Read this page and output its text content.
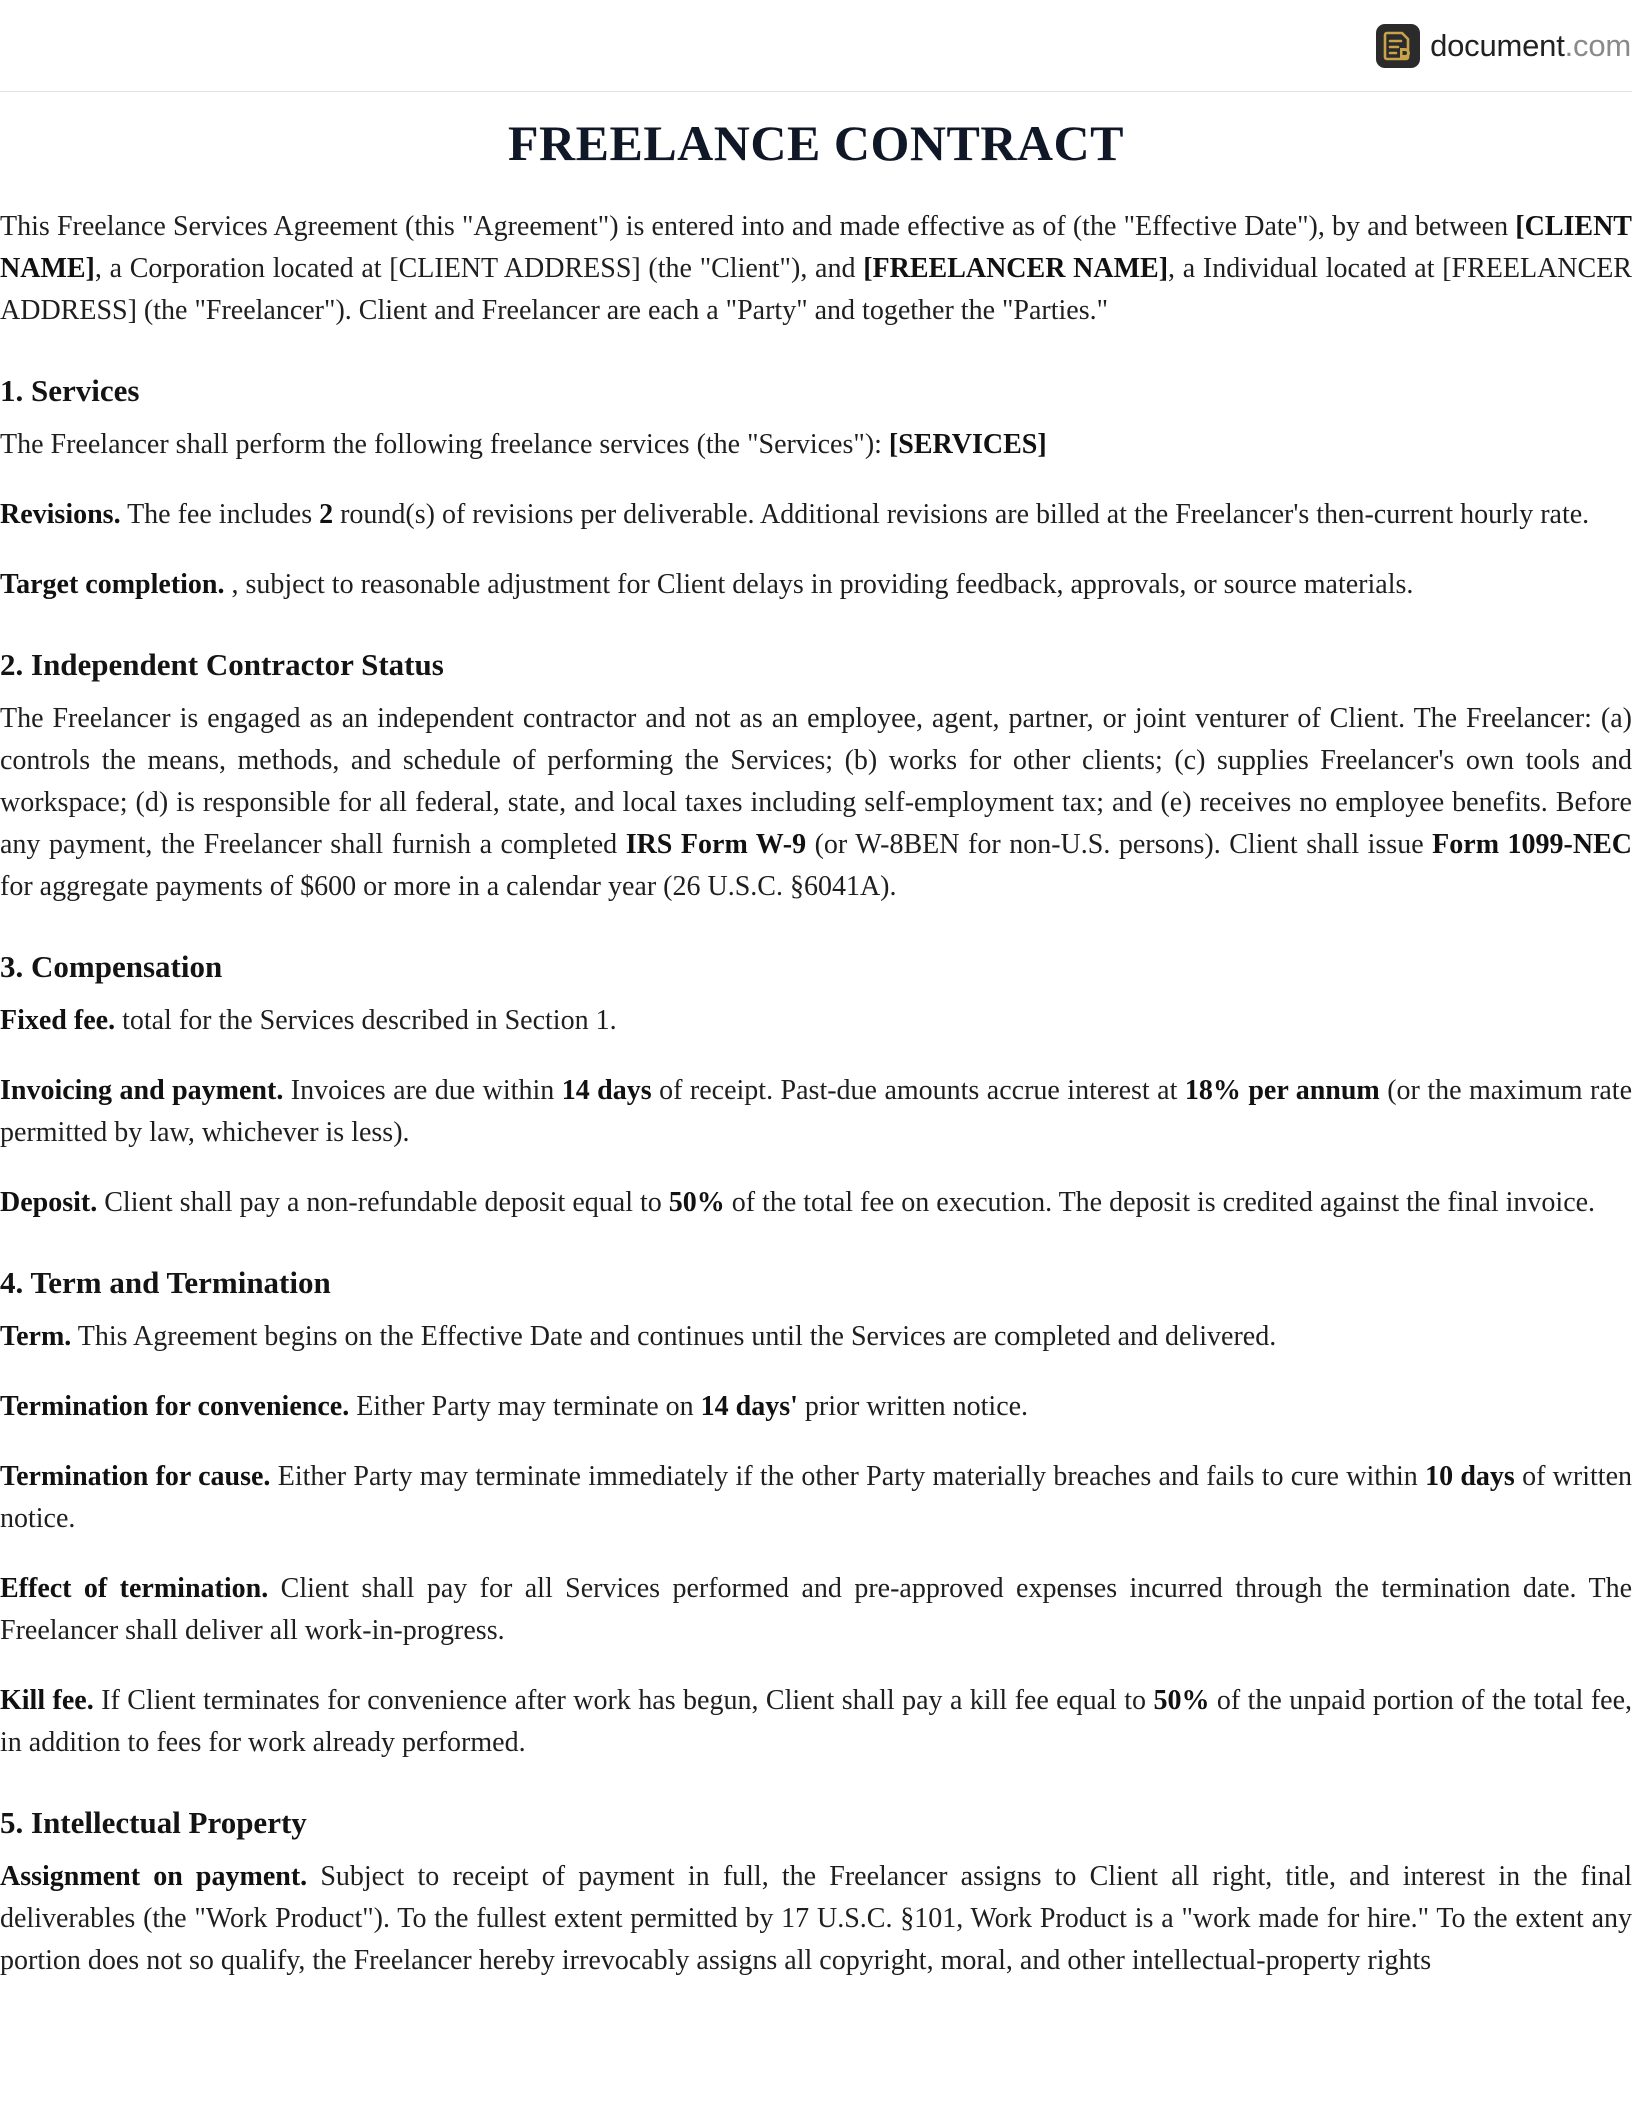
document.com
FREELANCE CONTRACT

This Freelance Services Agreement (this "Agreement") is entered into and made effective as of (the "Effective Date"), by and between [CLIENT NAME], a Corporation located at [CLIENT ADDRESS] (the "Client"), and [FREELANCER NAME], a Individual located at [FREELANCER ADDRESS] (the "Freelancer"). Client and Freelancer are each a "Party" and together the "Parties."

1. Services

The Freelancer shall perform the following freelance services (the "Services"): [SERVICES]

Revisions. The fee includes 2 round(s) of revisions per deliverable. Additional revisions are billed at the Freelancer's then-current hourly rate.

Target completion. , subject to reasonable adjustment for Client delays in providing feedback, approvals, or source materials.

2. Independent Contractor Status

The Freelancer is engaged as an independent contractor and not as an employee, agent, partner, or joint venturer of Client. The Freelancer: (a) controls the means, methods, and schedule of performing the Services; (b) works for other clients; (c) supplies Freelancer's own tools and workspace; (d) is responsible for all federal, state, and local taxes including self-employment tax; and (e) receives no employee benefits. Before any payment, the Freelancer shall furnish a completed IRS Form W-9 (or W-8BEN for non-U.S. persons). Client shall issue Form 1099-NEC for aggregate payments of $600 or more in a calendar year (26 U.S.C. §6041A).

3. Compensation

Fixed fee. total for the Services described in Section 1.

Invoicing and payment. Invoices are due within 14 days of receipt. Past-due amounts accrue interest at 18% per annum (or the maximum rate permitted by law, whichever is less).

Deposit. Client shall pay a non-refundable deposit equal to 50% of the total fee on execution. The deposit is credited against the final invoice.

4. Term and Termination

Term. This Agreement begins on the Effective Date and continues until the Services are completed and delivered.

Termination for convenience. Either Party may terminate on 14 days' prior written notice.

Termination for cause. Either Party may terminate immediately if the other Party materially breaches and fails to cure within 10 days of written notice.

Effect of termination. Client shall pay for all Services performed and pre-approved expenses incurred through the termination date. The Freelancer shall deliver all work-in-progress.

Kill fee. If Client terminates for convenience after work has begun, Client shall pay a kill fee equal to 50% of the unpaid portion of the total fee, in addition to fees for work already performed.

5. Intellectual Property

Assignment on payment. Subject to receipt of payment in full, the Freelancer assigns to Client all right, title, and interest in the final deliverables (the "Work Product"). To the fullest extent permitted by 17 U.S.C. §101, Work Product is a "work made for hire." To the extent any portion does not so qualify, the Freelancer hereby irrevocably assigns all copyright, moral, and other intellectual-property rights
